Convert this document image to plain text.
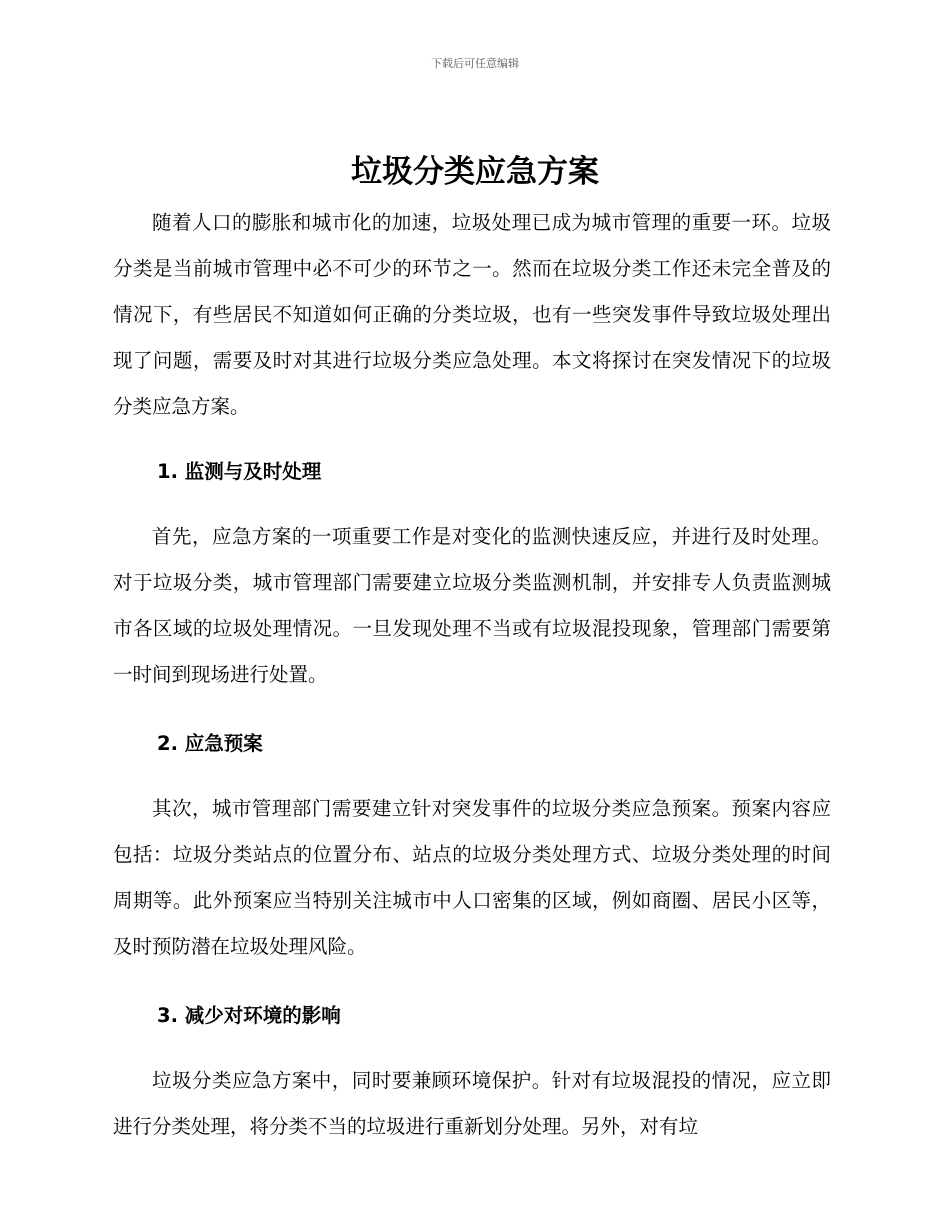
下载后可任意编辑
垃圾分类应急方案

随着人口的膨胀和城市化的加速，垃圾处理已成为城市管理的重要一环。垃圾分类是当前城市管理中必不可少的环节之一。然而在垃圾分类工作还未完全普及的情况下，有些居民不知道如何正确的分类垃圾，也有一些突发事件导致垃圾处理出现了问题，需要及时对其进行垃圾分类应急处理。本文将探讨在突发情况下的垃圾分类应急方案。

1. 监测与及时处理

首先，应急方案的一项重要工作是对变化的监测快速反应，并进行及时处理。对于垃圾分类，城市管理部门需要建立垃圾分类监测机制，并安排专人负责监测城市各区域的垃圾处理情况。一旦发现处理不当或有垃圾混投现象，管理部门需要第一时间到现场进行处置。

2. 应急预案

其次，城市管理部门需要建立针对突发事件的垃圾分类应急预案。预案内容应包括：垃圾分类站点的位置分布、站点的垃圾分类处理方式、垃圾分类处理的时间周期等。此外预案应当特别关注城市中人口密集的区域，例如商圈、居民小区等，及时预防潜在垃圾处理风险。

3. 减少对环境的影响

垃圾分类应急方案中，同时要兼顾环境保护。针对有垃圾混投的情况，应立即进行分类处理，将分类不当的垃圾进行重新划分处理。另外，对有垃
